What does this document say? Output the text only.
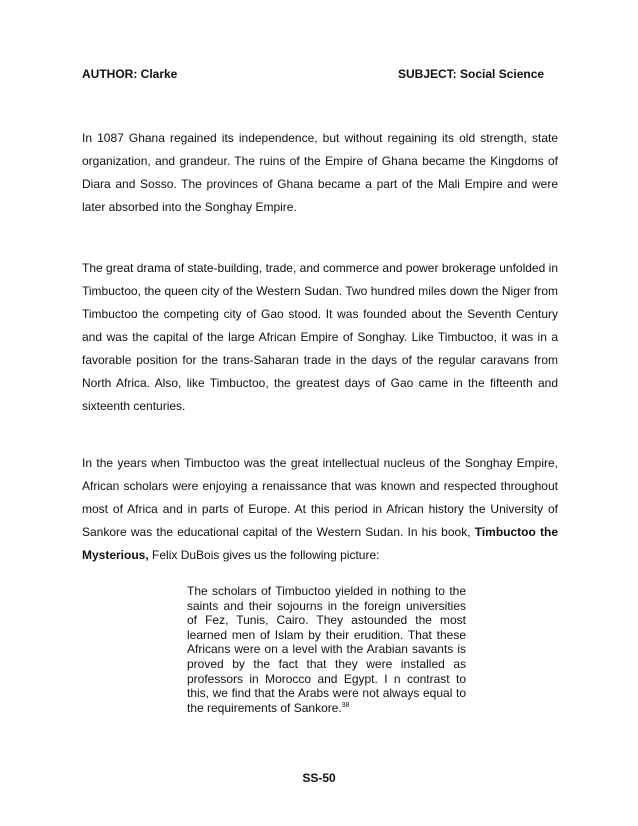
AUTHOR: Clarke	SUBJECT: Social Science

In 1087 Ghana regained its independence, but without regaining its old strength, state organization, and grandeur. The ruins of the Empire of Ghana became the Kingdoms of Diara and Sosso. The provinces of Ghana became a part of the Mali Empire and were later absorbed into the Songhay Empire.

The great drama of state-building, trade, and commerce and power brokerage unfolded in Timbuctoo, the queen city of the Western Sudan. Two hundred miles down the Niger from Timbuctoo the competing city of Gao stood. It was founded about the Seventh Century and was the capital of the large African Empire of Songhay. Like Timbuctoo, it was in a favorable position for the trans-Saharan trade in the days of the regular caravans from North Africa. Also, like Timbuctoo, the greatest days of Gao came in the fifteenth and sixteenth centuries.

In the years when Timbuctoo was the great intellectual nucleus of the Songhay Empire, African scholars were enjoying a renaissance that was known and respected throughout most of Africa and in parts of Europe. At this period in African history the University of Sankore was the educational capital of the Western Sudan. In his book, Timbuctoo the Mysterious, Felix DuBois gives us the following picture:

The scholars of Timbuctoo yielded in nothing to the saints and their sojourns in the foreign universities of Fez, Tunis, Cairo. They astounded the most learned men of Islam by their erudition. That these Africans were on a level with the Arabian savants is proved by the fact that they were installed as professors in Morocco and Egypt. I n contrast to this, we find that the Arabs were not always equal to the requirements of Sankore.$^{38}$

SS-50
